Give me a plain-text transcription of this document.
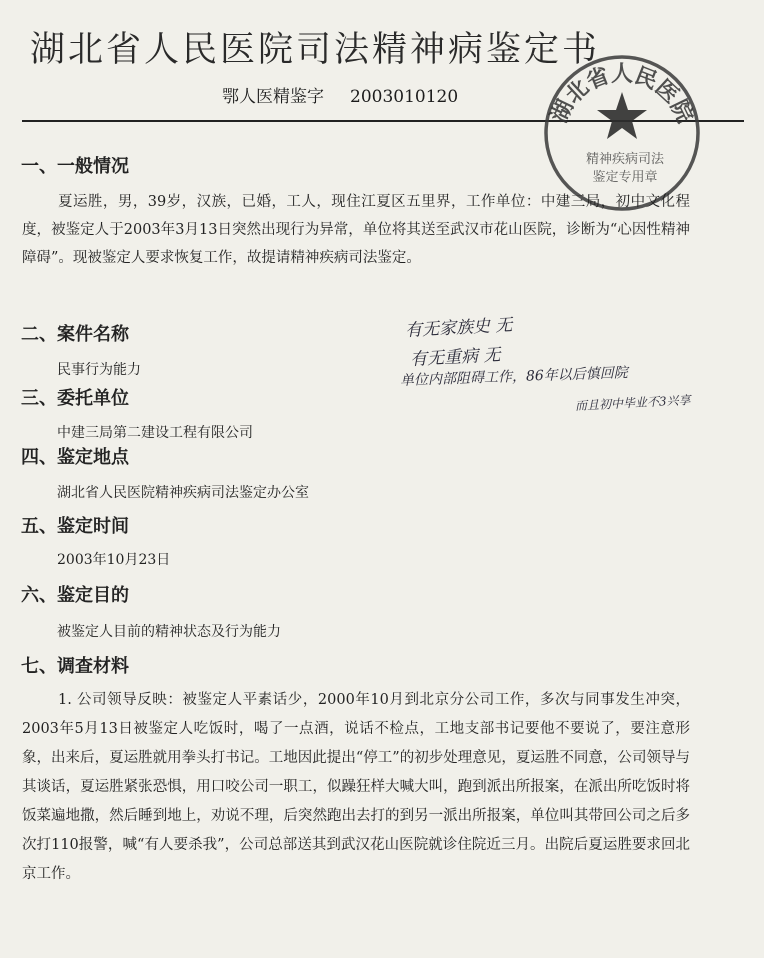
湖北省人民医院司法精神病鉴定书
鄂人医精鉴字 2003010120	湖北省人民医院
精神疾病司法
鉴定专用章
一、一般情况
夏运胜，男，39岁，汉族，已婚，工人，现住江夏区五里界，工作单位：中建三局，初中文化程度，被鉴定人于2003年3月13日突然出现行为异常，单位将其送至武汉市花山医院，诊断为“心因性精神障碍”。现被鉴定人要求恢复工作，故提请精神疾病司法鉴定。
二、案件名称
民事行为能力
三、委托单位
中建三局第二建设工程有限公司
四、鉴定地点
湖北省人民医院精神疾病司法鉴定办公室
五、鉴定时间
2003年10月23日
六、鉴定目的
被鉴定人目前的精神状态及行为能力
七、调查材料
1. 公司领导反映：被鉴定人平素话少，2000年10月到北京分公司工作，多次与同事发生冲突，2003年5月13日被鉴定人吃饭时，喝了一点酒，说话不检点，工地支部书记要他不要说了，要注意形象，出来后，夏运胜就用拳头打书记。工地因此提出“停工”的初步处理意见，夏运胜不同意，公司领导与其谈话，夏运胜紧张恐惧，用口咬公司一职工，似躁狂样大喊大叫，跑到派出所报案，在派出所吃饭时将饭菜遍地撒，然后睡到地上，劝说不理，后突然跑出去打的到另一派出所报案，单位叫其带回公司之后多次打110报警，喊“有人要杀我”，公司总部送其到武汉花山医院就诊住院近三月。出院后夏运胜要求回北京工作。
有无家族史 无
有无重病 无
单位内部阻碍工作，86年以后慎回院
而且初中毕业不3兴享
